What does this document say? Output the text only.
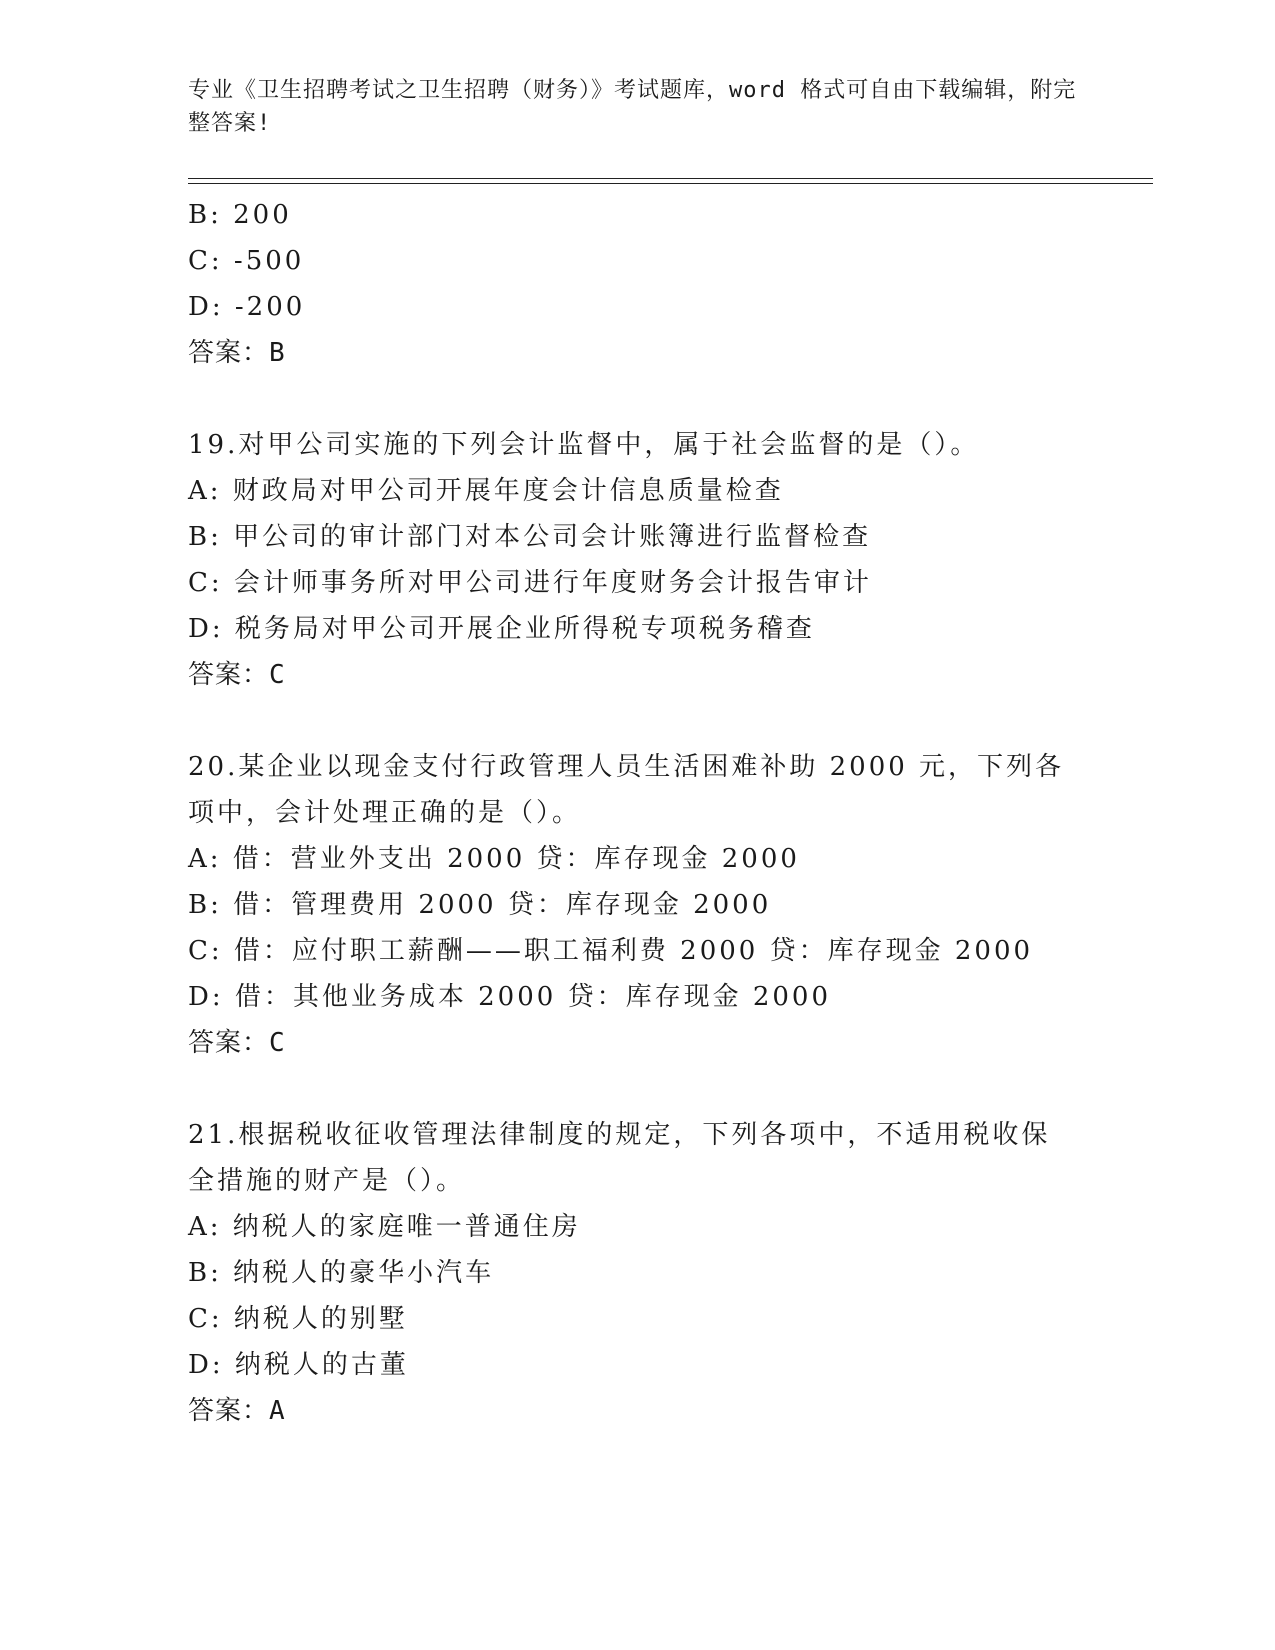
专业《卫生招聘考试之卫生招聘（财务）》考试题库，word 格式可自由下载编辑，附完整答案!
B: 200
C: -500
D: -200
答案：B
19.对甲公司实施的下列会计监督中，属于社会监督的是（）。
A: 财政局对甲公司开展年度会计信息质量检查
B: 甲公司的审计部门对本公司会计账簿进行监督检查
C: 会计师事务所对甲公司进行年度财务会计报告审计
D: 税务局对甲公司开展企业所得税专项税务稽查
答案：C
20.某企业以现金支付行政管理人员生活困难补助 2000 元，下列各项中，会计处理正确的是（）。
A: 借：营业外支出 2000 贷：库存现金 2000
B: 借：管理费用 2000 贷：库存现金 2000
C: 借：应付职工薪酬——职工福利费 2000 贷：库存现金 2000
D: 借：其他业务成本 2000 贷：库存现金 2000
答案：C
21.根据税收征收管理法律制度的规定，下列各项中，不适用税收保全措施的财产是（）。
A: 纳税人的家庭唯一普通住房
B: 纳税人的豪华小汽车
C: 纳税人的别墅
D: 纳税人的古董
答案：A
